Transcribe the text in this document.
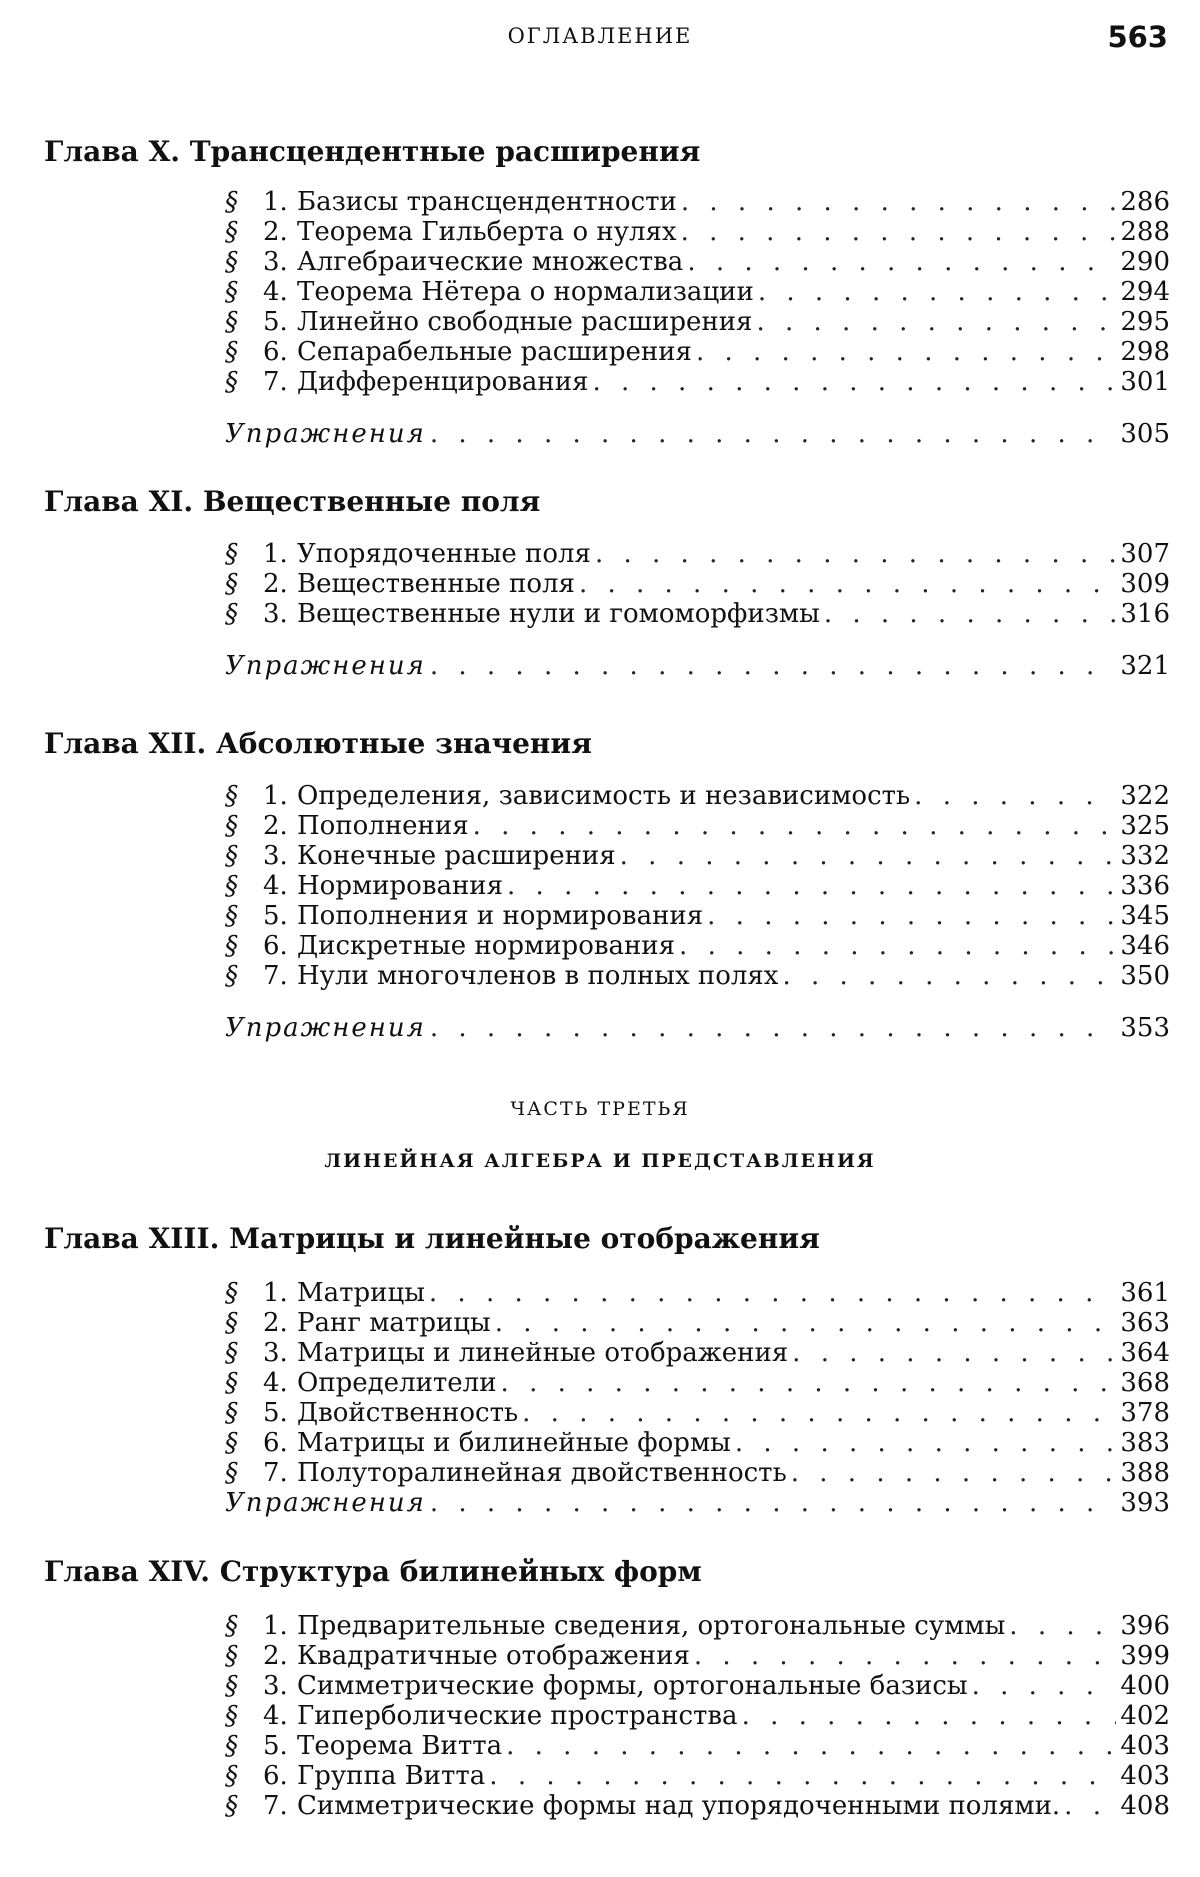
ОГЛАВЛЕНИЕ	563
Глава X. Трансцендентные расширения
§ 1. Базисы трансцендентности
. . .	286
§ 2. Теорема Гильберта о нулях
. . .	288
§ 3. Алгебраические множества
. . .	290
§ 4. Теорема Нётера о нормализации
. . .	294
§ 5. Линейно свободные расширения
. . .	295
§ 6. Сепарабельные расширения
. . .	298
§ 7. Дифференцирования
. . .	301
Упражнения
. . .	305
Глава XI. Вещественные поля
§ 1. Упорядоченные поля
. . .	307
§ 2. Вещественные поля
. . .	309
§ 3. Вещественные нули и гомоморфизмы
. . .	316
Упражнения
. . .	321
Глава XII. Абсолютные значения
§ 1. Определения, зависимость и независимость
. . .	322
§ 2. Пополнения
. . .	325
§ 3. Конечные расширения
. . .	332
§ 4. Нормирования
. . .	336
§ 5. Пополнения и нормирования
. . .	345
§ 6. Дискретные нормирования
. . .	346
§ 7. Нули многочленов в полных полях
. . .	350
Упражнения
. . .	353
ЧАСТЬ ТРЕТЬЯ
ЛИНЕЙНАЯ АЛГЕБРА И ПРЕДСТАВЛЕНИЯ
Глава XIII. Матрицы и линейные отображения
§ 1. Матрицы
. . .	361
§ 2. Ранг матрицы
. . .	363
§ 3. Матрицы и линейные отображения
. . .	364
§ 4. Определители
. . .	368
§ 5. Двойственность
. . .	378
§ 6. Матрицы и билинейные формы
. . .	383
§ 7. Полуторалинейная двойственность
. . .	388
Упражнения
. . .	393
Глава XIV. Структура билинейных форм
§ 1. Предварительные сведения, ортогональные суммы
. . .	396
§ 2. Квадратичные отображения
. . .	399
§ 3. Симметрические формы, ортогональные базисы
. . .	400
§ 4. Гиперболические пространства
. . .	402
§ 5. Теорема Витта
. . .	403
§ 6. Группа Витта
. . .	403
§ 7. Симметрические формы над упорядоченными полями.
. . . 408
